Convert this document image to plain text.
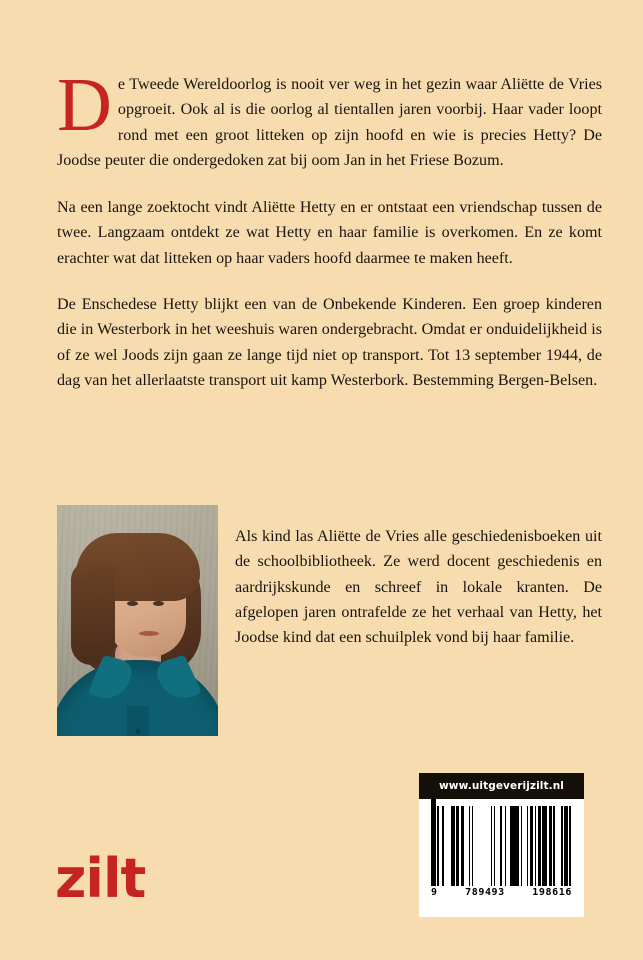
De Tweede Wereldoorlog is nooit ver weg in het gezin waar Aliëtte de Vries opgroeit. Ook al is die oorlog al tientallen jaren voorbij. Haar vader loopt rond met een groot litteken op zijn hoofd en wie is precies Hetty? De Joodse peuter die ondergedoken zat bij oom Jan in het Friese Bozum.

Na een lange zoektocht vindt Aliëtte Hetty en er ontstaat een vriendschap tussen de twee. Langzaam ontdekt ze wat Hetty en haar familie is overkomen. En ze komt erachter wat dat litteken op haar vaders hoofd daarmee te maken heeft.

De Enschedese Hetty blijkt een van de Onbekende Kinderen. Een groep kinderen die in Westerbork in het weeshuis waren ondergebracht. Omdat er onduidelijkheid is of ze wel Joods zijn gaan ze lange tijd niet op transport. Tot 13 september 1944, de dag van het allerlaatste transport uit kamp Westerbork. Bestemming Bergen-Belsen.

Als kind las Aliëtte de Vries alle geschiedenisboeken uit de schoolbibliotheek. Ze werd docent geschiedenis en aardrijkskunde en schreef in lokale kranten. De afgelopen jaren ontrafelde ze het verhaal van Hetty, het Joodse kind dat een schuilplek vond bij haar familie.

zilt
www.uitgeverijzilt.nl
9	789493	198616
